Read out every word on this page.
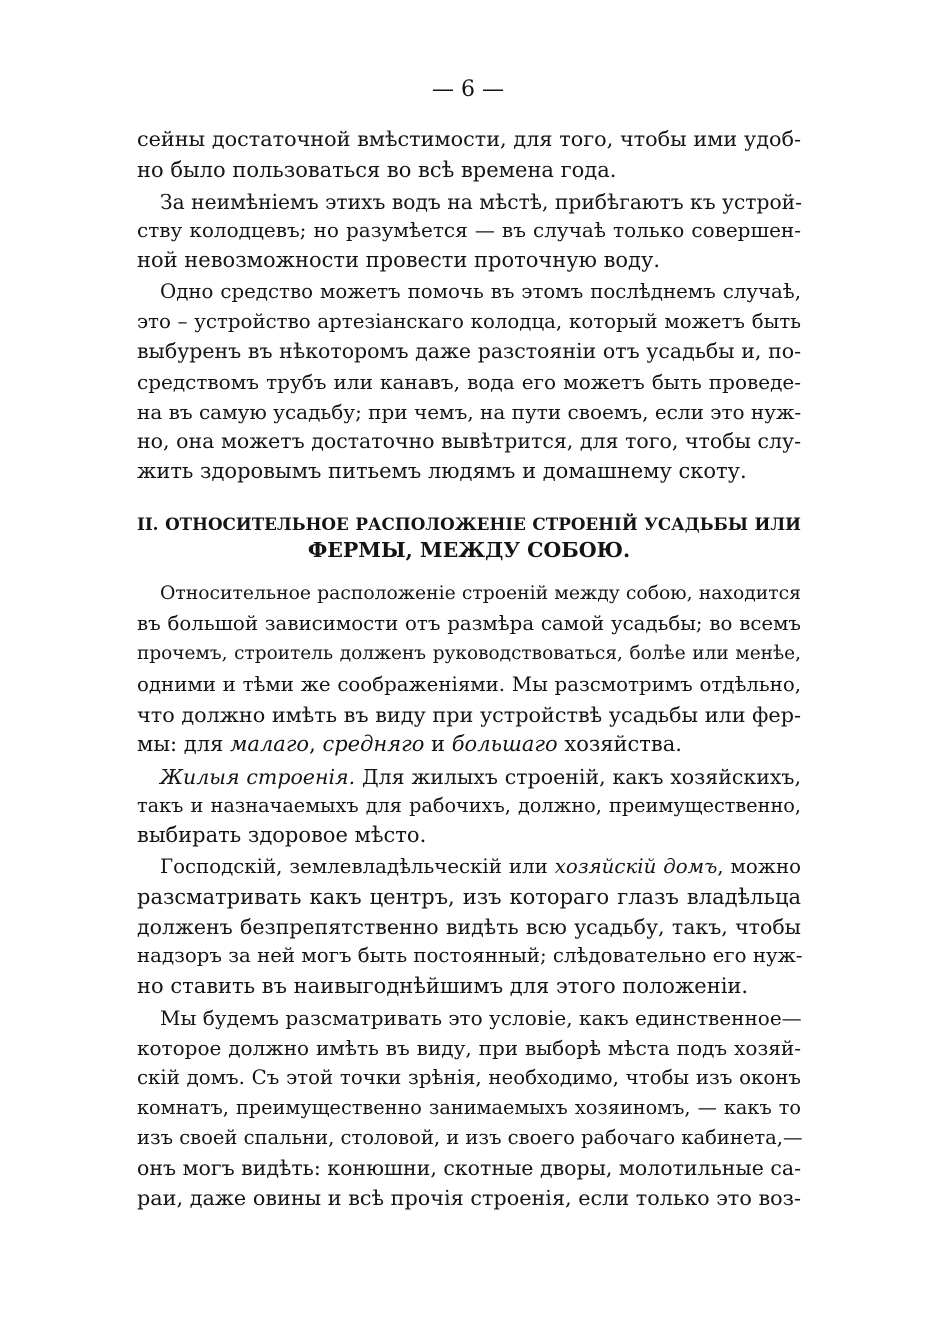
— 6 —
сейны достаточной вмѣстимости, для того, чтобы ими удоб-
но было пользоваться во всѣ времена года.
За неимѣніемъ этихъ водъ на мѣстѣ, прибѣгаютъ къ устрой-
ству колодцевъ; но разумѣется — въ случаѣ только совершен-
ной невозможности провести проточную воду.
Одно средство можетъ помочь въ этомъ послѣднемъ случаѣ,
это – устройство артезіанскаго колодца, который можетъ быть
выбуренъ въ нѣкоторомъ даже разстояніи отъ усадьбы и, по-
средствомъ трубъ или канавъ, вода его можетъ быть проведе-
на въ самую усадьбу; при чемъ, на пути своемъ, если это нуж-
но, она можетъ достаточно вывѣтрится, для того, чтобы слу-
жить здоровымъ питьемъ людямъ и домашнему скоту.
II. ОТНОСИТЕЛЬНОЕ РАСПОЛОЖЕНІЕ СТРОЕНІЙ УСАДЬБЫ ИЛИ
ФЕРМЫ, МЕЖДУ СОБОЮ.
Относительное расположеніе строеній между собою, находится
въ большой зависимости отъ размѣра самой усадьбы; во всемъ
прочемъ, строитель долженъ руководствоваться, болѣе или менѣе,
одними и тѣми же соображеніями. Мы разсмотримъ отдѣльно,
что должно имѣть въ виду при устройствѣ усадьбы или фер-
мы: для малаго, средняго и большаго хозяйства.
Жилыя строенія. Для жилыхъ строеній, какъ хозяйскихъ,
такъ и назначаемыхъ для рабочихъ, должно, преимущественно,
выбирать здоровое мѣсто.
Господскій, землевладѣльческій или хозяйскій домъ, можно
разсматривать какъ центръ, изъ котораго глазъ владѣльца
долженъ безпрепятственно видѣть всю усадьбу, такъ, чтобы
надзоръ за ней могъ быть постоянный; слѣдовательно его нуж-
но ставить въ наивыгоднѣйшимъ для этого положеніи.
Мы будемъ разсматривать это условіе, какъ единственное—
которое должно имѣть въ виду, при выборѣ мѣста подъ хозяй-
скій домъ. Съ этой точки зрѣнія, необходимо, чтобы изъ оконъ
комнатъ, преимущественно занимаемыхъ хозяиномъ, — какъ то
изъ своей спальни, столовой, и изъ своего рабочаго кабинета,—
онъ могъ видѣть: конюшни, скотные дворы, молотильные са-
раи, даже овины и всѣ прочія строенія, если только это воз-
